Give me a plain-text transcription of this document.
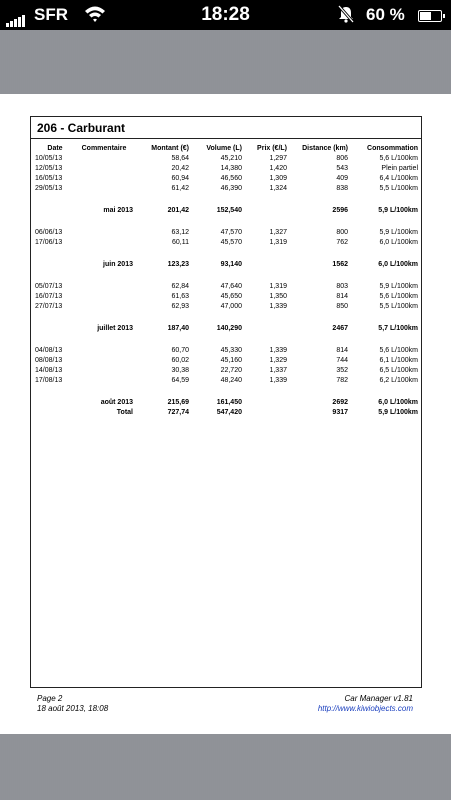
SFR	18:28	60 %
206 - Carburant
Date	Commentaire	Montant (€)	Volume (L)	Prix (€/L)	Distance (km)	Consommation
10/05/13		58,64	45,210	1,297	806	5,6 L/100km
12/05/13		20,42	14,380	1,420	543	Plein partiel
16/05/13		60,94	46,560	1,309	409	6,4 L/100km
29/05/13		61,42	46,390	1,324	838	5,5 L/100km

	mai 2013	201,42	152,540		2596	5,9 L/100km

06/06/13		63,12	47,570	1,327	800	5,9 L/100km
17/06/13		60,11	45,570	1,319	762	6,0 L/100km

	juin 2013	123,23	93,140		1562	6,0 L/100km

05/07/13		62,84	47,640	1,319	803	5,9 L/100km
16/07/13		61,63	45,650	1,350	814	5,6 L/100km
27/07/13		62,93	47,000	1,339	850	5,5 L/100km

	juillet 2013	187,40	140,290		2467	5,7 L/100km

04/08/13		60,70	45,330	1,339	814	5,6 L/100km
08/08/13		60,02	45,160	1,329	744	6,1 L/100km
14/08/13		30,38	22,720	1,337	352	6,5 L/100km
17/08/13		64,59	48,240	1,339	782	6,2 L/100km

	août 2013	215,69	161,450		2692	6,0 L/100km
	Total	727,74	547,420		9317	5,9 L/100km
Page 2
18 août 2013, 18:08
Car Manager v1.81
http://www.kiwiobjects.com
